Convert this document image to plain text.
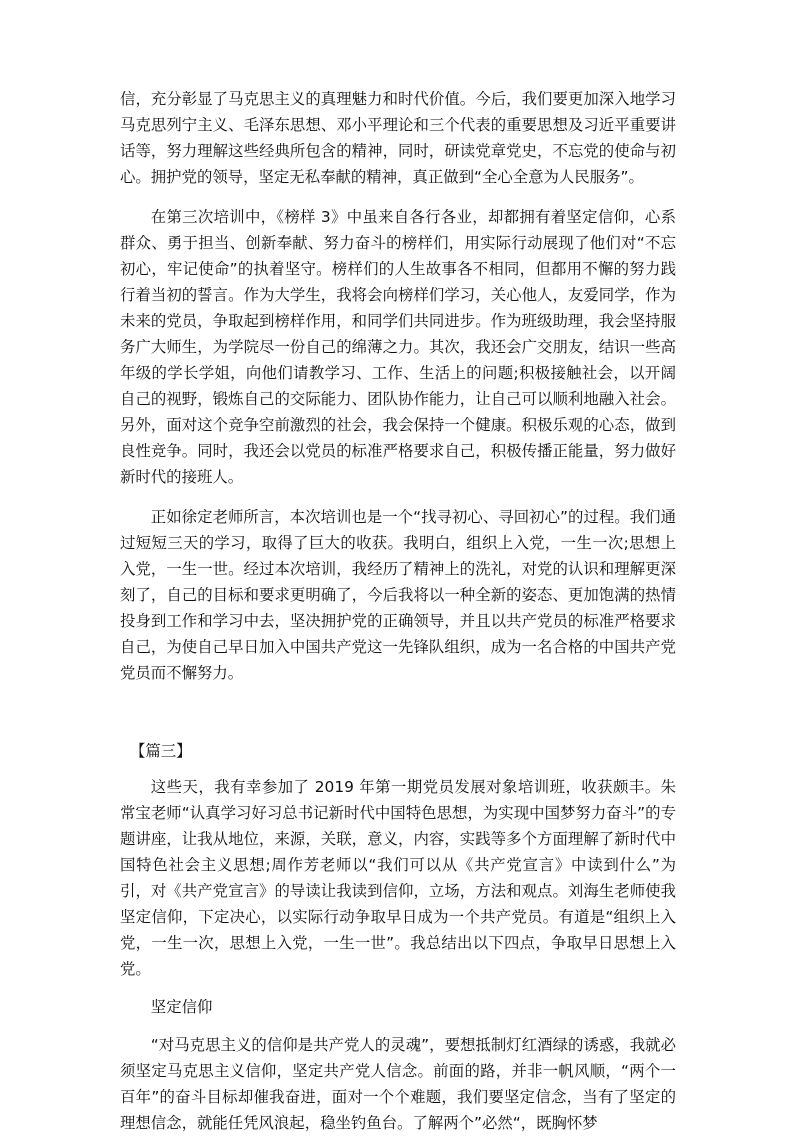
信，充分彰显了马克思主义的真理魅力和时代价值。今后，我们要更加深入地学习马克思列宁主义、毛泽东思想、邓小平理论和三个代表的重要思想及习近平重要讲话等，努力理解这些经典所包含的精神，同时，研读党章党史，不忘党的使命与初心。拥护党的领导，坚定无私奉献的精神，真正做到“全心全意为人民服务”。

在第三次培训中，《榜样 3》中虽来自各行各业，却都拥有着坚定信仰，心系群众、勇于担当、创新奉献、努力奋斗的榜样们，用实际行动展现了他们对“不忘初心，牢记使命”的执着坚守。榜样们的人生故事各不相同，但都用不懈的努力践行着当初的誓言。作为大学生，我将会向榜样们学习，关心他人，友爱同学，作为未来的党员，争取起到榜样作用，和同学们共同进步。作为班级助理，我会坚持服务广大师生，为学院尽一份自己的绵薄之力。其次，我还会广交朋友，结识一些高年级的学长学姐，向他们请教学习、工作、生活上的问题;积极接触社会，以开阔自己的视野，锻炼自己的交际能力、团队协作能力，让自己可以顺利地融入社会。另外，面对这个竞争空前激烈的社会，我会保持一个健康。积极乐观的心态，做到良性竞争。同时，我还会以党员的标准严格要求自己，积极传播正能量，努力做好新时代的接班人。

正如徐定老师所言，本次培训也是一个“找寻初心、寻回初心”的过程。我们通过短短三天的学习，取得了巨大的收获。我明白，组织上入党，一生一次;思想上入党，一生一世。经过本次培训，我经历了精神上的洗礼，对党的认识和理解更深刻了，自己的目标和要求更明确了，今后我将以一种全新的姿态、更加饱满的热情投身到工作和学习中去，坚决拥护党的正确领导，并且以共产党员的标准严格要求自己，为使自己早日加入中国共产党这一先锋队组织，成为一名合格的中国共产党党员而不懈努力。

【篇三】

这些天，我有幸参加了 2019 年第一期党员发展对象培训班，收获颇丰。朱常宝老师“认真学习好习总书记新时代中国特色思想，为实现中国梦努力奋斗”的专题讲座，让我从地位，来源，关联，意义，内容，实践等多个方面理解了新时代中国特色社会主义思想;周作芳老师以“我们可以从《共产党宣言》中读到什么”为引，对《共产党宣言》的导读让我读到信仰，立场，方法和观点。刘海生老师使我坚定信仰，下定决心，以实际行动争取早日成为一个共产党员。有道是“组织上入党，一生一次，思想上入党，一生一世”。我总结出以下四点，争取早日思想上入党。

坚定信仰

“对马克思主义的信仰是共产党人的灵魂”，要想抵制灯红酒绿的诱惑，我就必须坚定马克思主义信仰，坚定共产党人信念。前面的路，并非一帆风顺，“两个一百年”的奋斗目标却催我奋进，面对一个个难题，我们要坚定信念，当有了坚定的理想信念，就能任凭风浪起，稳坐钓鱼台。了解两个”必然“，既胸怀梦
